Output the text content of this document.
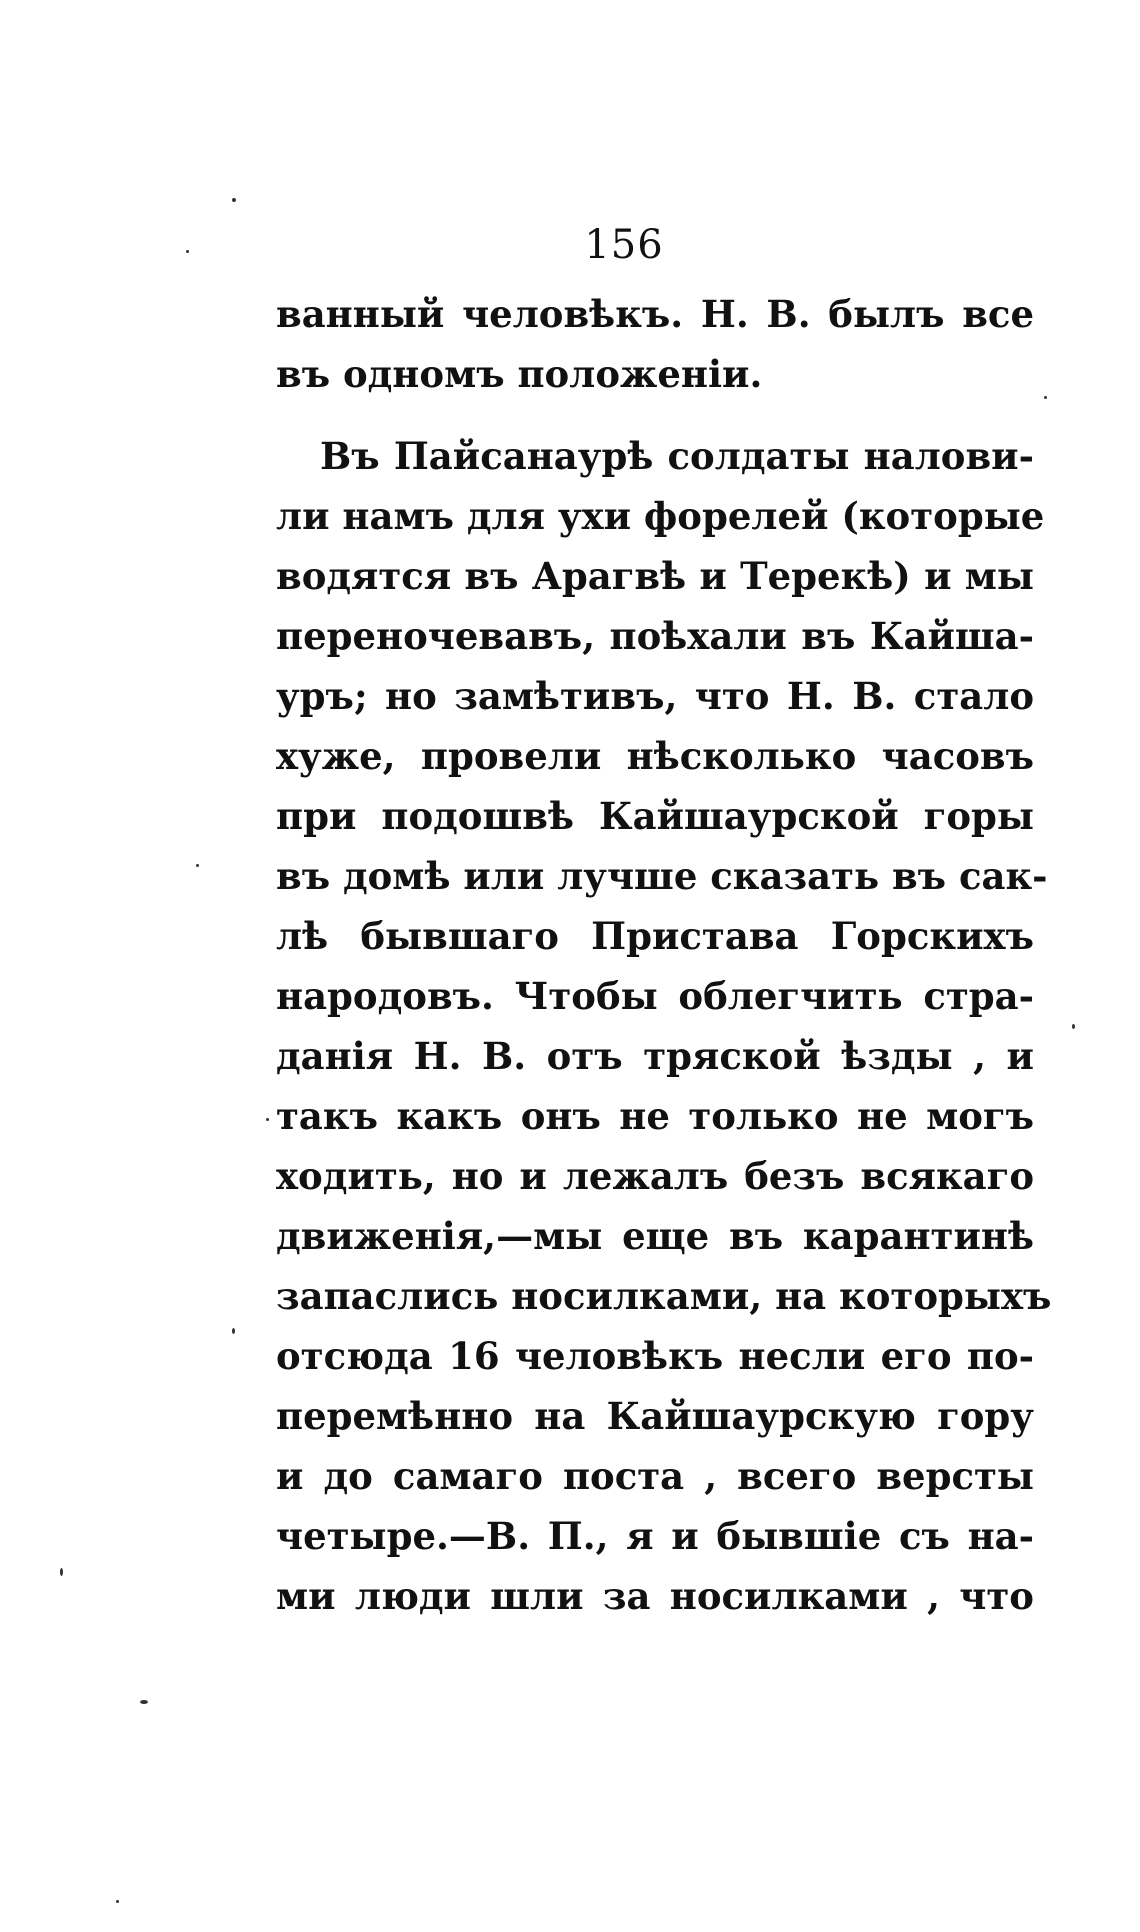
156
ванный человѣкъ. Н. В. былъ все
въ одномъ положеніи.
Въ Пайсанаурѣ солдаты налови-
ли намъ для ухи форелей (которые
водятся въ Арагвѣ и Терекѣ) и мы
переночевавъ, поѣхали въ Кайша-
уръ; но замѣтивъ, что Н. В. стало
хуже, провели нѣсколько часовъ
при подошвѣ Кайшаурской горы
въ домѣ или лучше сказать въ сак-
лѣ бывшаго Пристава Горскихъ
народовъ. Чтобы облегчить стра-
данія Н. В. отъ тряской ѣзды , и
такъ какъ онъ не только не могъ
ходить, но и лежалъ безъ всякаго
движенія,—мы еще въ карантинѣ
запаслись носилками, на которыхъ
отсюда 16 человѣкъ несли его по-
перемѣнно на Кайшаурскую гору
и до самаго поста , всего версты
четыре.—В. П., я и бывшіе съ на-
ми люди шли за носилками , что
